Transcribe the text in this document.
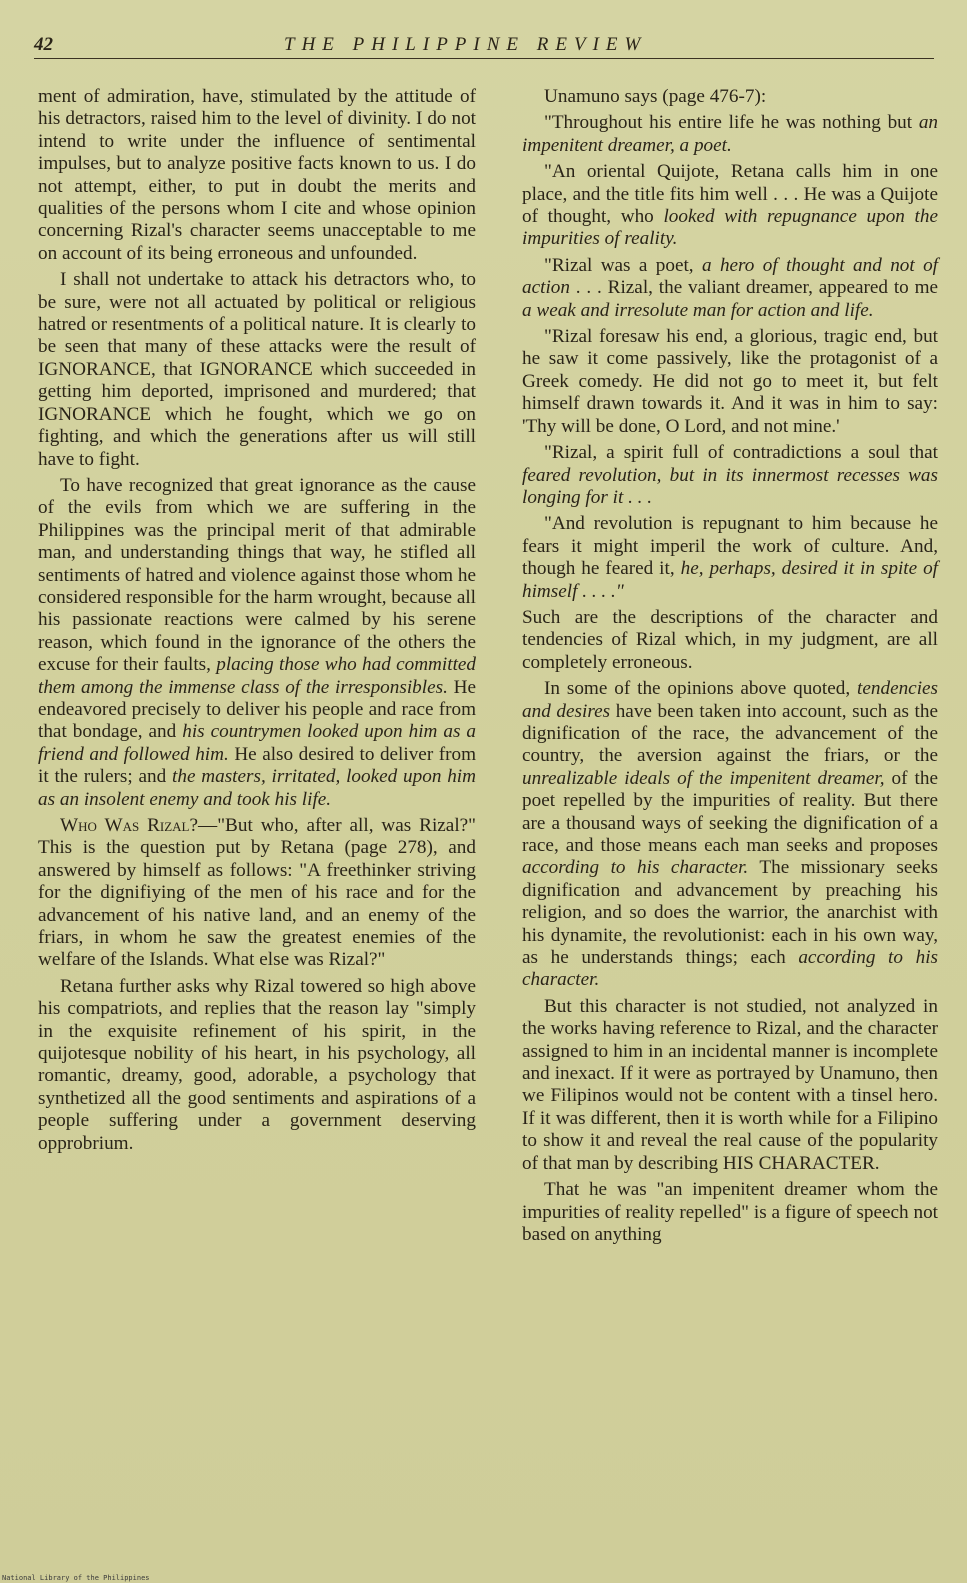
42	THE PHILIPPINE REVIEW

ment of admiration, have, stimulated by the attitude of his detractors, raised him to the level of divinity. I do not intend to write under the influence of sentimental impulses, but to analyze positive facts known to us. I do not attempt, either, to put in doubt the merits and qualities of the persons whom I cite and whose opinion concerning Rizal's character seems unacceptable to me on account of its being erroneous and unfounded.

I shall not undertake to attack his detractors who, to be sure, were not all actuated by political or religious hatred or resentments of a political nature. It is clearly to be seen that many of these attacks were the result of IGNORANCE, that IGNORANCE which succeeded in getting him deported, imprisoned and murdered; that IGNORANCE which he fought, which we go on fighting, and which the generations after us will still have to fight.

To have recognized that great ignorance as the cause of the evils from which we are suffering in the Philippines was the principal merit of that admirable man, and understanding things that way, he stifled all sentiments of hatred and violence against those whom he considered responsible for the harm wrought, because all his passionate reactions were calmed by his serene reason, which found in the ignorance of the others the excuse for their faults, placing those who had committed them among the immense class of the irresponsibles. He endeavored precisely to deliver his people and race from that bondage, and his countrymen looked upon him as a friend and followed him. He also desired to deliver from it the rulers; and the masters, irritated, looked upon him as an insolent enemy and took his life.

Who Was Rizal?—"But who, after all, was Rizal?" This is the question put by Retana (page 278), and answered by himself as follows: "A freethinker striving for the dignifiying of the men of his race and for the advancement of his native land, and an enemy of the friars, in whom he saw the greatest enemies of the welfare of the Islands. What else was Rizal?"

Retana further asks why Rizal towered so high above his compatriots, and replies that the reason lay "simply in the exquisite refinement of his spirit, in the quijotesque nobility of his heart, in his psychology, all romantic, dreamy, good, adorable, a psychology that synthetized all the good sentiments and aspirations of a people suffering under a government deserving opprobrium.

Unamuno says (page 476-7):

"Throughout his entire life he was nothing but an impenitent dreamer, a poet.

"An oriental Quijote, Retana calls him in one place, and the title fits him well . . . He was a Quijote of thought, who looked with repugnance upon the impurities of reality.

"Rizal was a poet, a hero of thought and not of action . . . Rizal, the valiant dreamer, appeared to me a weak and irresolute man for action and life.

"Rizal foresaw his end, a glorious, tragic end, but he saw it come passively, like the protagonist of a Greek comedy. He did not go to meet it, but felt himself drawn towards it. And it was in him to say: 'Thy will be done, O Lord, and not mine.'

"Rizal, a spirit full of contradictions a soul that feared revolution, but in its innermost recesses was longing for it . . .

"And revolution is repugnant to him because he fears it might imperil the work of culture. And, though he feared it, he, perhaps, desired it in spite of himself . . . ."

Such are the descriptions of the character and tendencies of Rizal which, in my judgment, are all completely erroneous.

In some of the opinions above quoted, tendencies and desires have been taken into account, such as the dignification of the race, the advancement of the country, the aversion against the friars, or the unrealizable ideals of the impenitent dreamer, of the poet repelled by the impurities of reality. But there are a thousand ways of seeking the dignification of a race, and those means each man seeks and proposes according to his character. The missionary seeks dignification and advancement by preaching his religion, and so does the warrior, the anarchist with his dynamite, the revolutionist: each in his own way, as he understands things; each according to his character.

But this character is not studied, not analyzed in the works having reference to Rizal, and the character assigned to him in an incidental manner is incomplete and inexact. If it were as portrayed by Unamuno, then we Filipinos would not be content with a tinsel hero. If it was different, then it is worth while for a Filipino to show it and reveal the real cause of the popularity of that man by describing HIS CHARACTER.

That he was "an impenitent dreamer whom the impurities of reality repelled" is a figure of speech not based on anything

National Library of the Philippines
